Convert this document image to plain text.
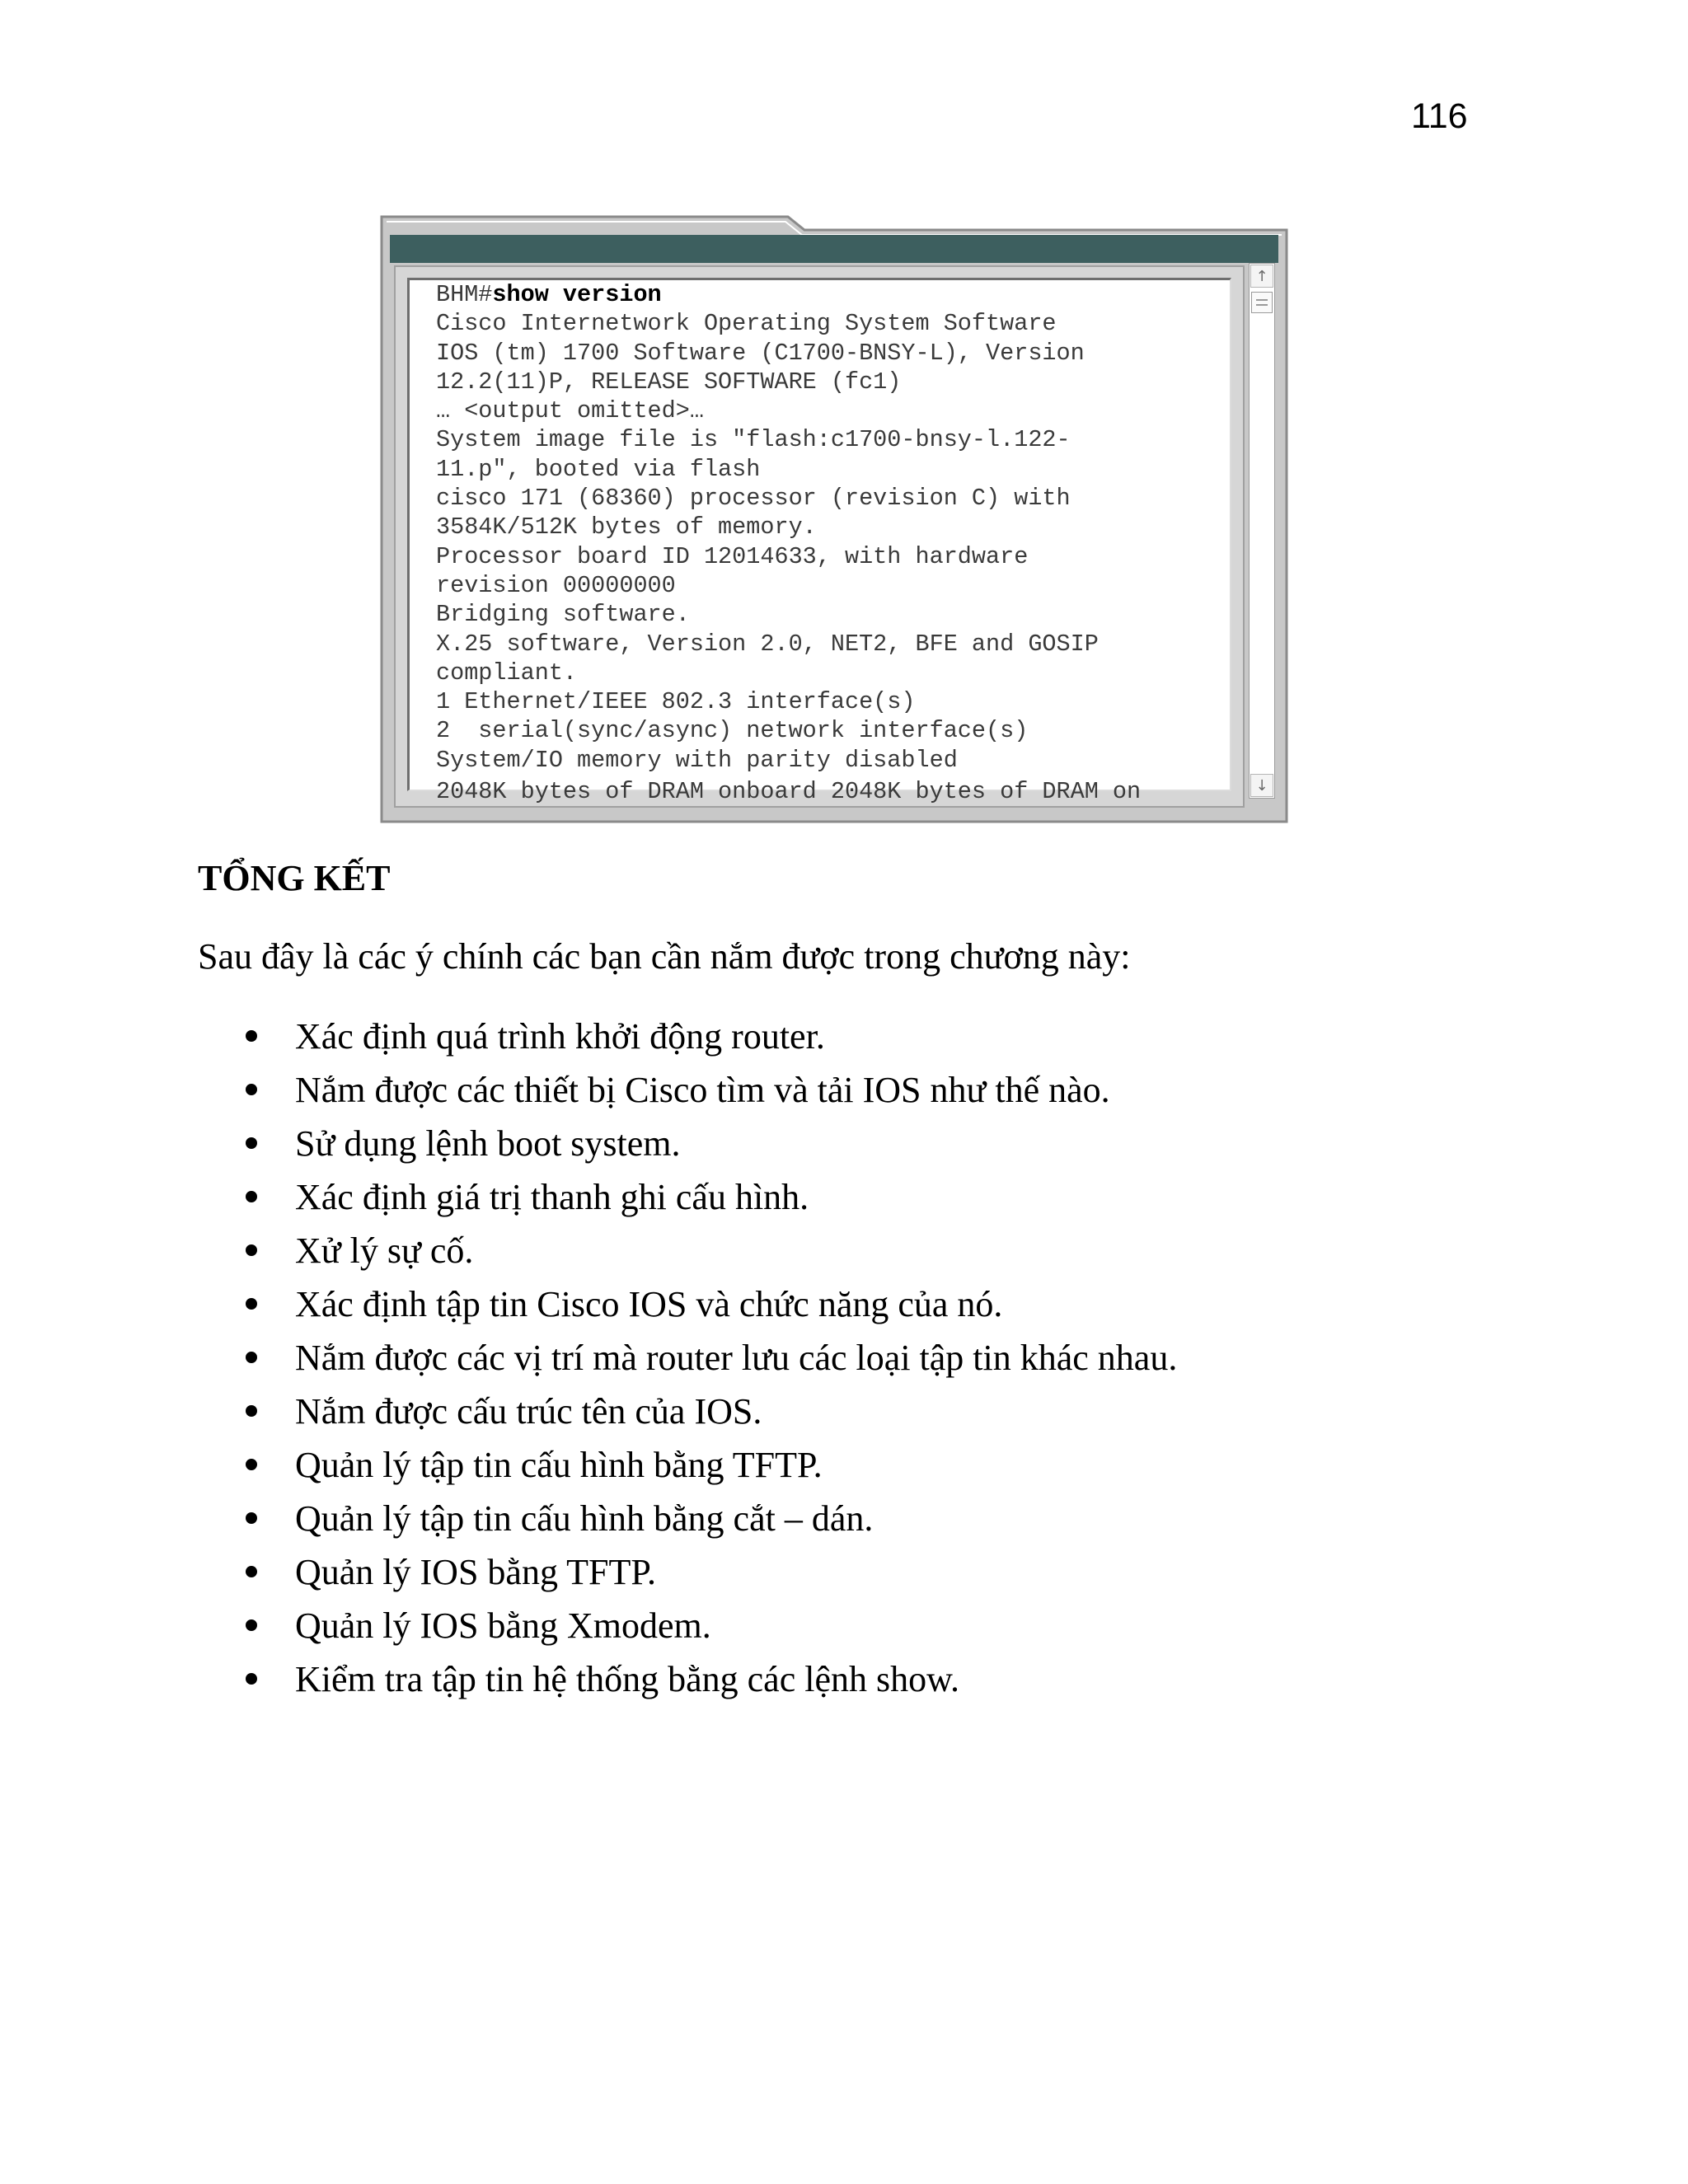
116
BHM#show version
Cisco Internetwork Operating System Software
IOS (tm) 1700 Software (C1700-BNSY-L), Version
12.2(11)P, RELEASE SOFTWARE (fc1)
… <output omitted>…
System image file is "flash:c1700-bnsy-l.122-
11.p", booted via flash
cisco 171 (68360) processor (revision C) with
3584K/512K bytes of memory.
Processor board ID 12014633, with hardware
revision 00000000
Bridging software.
X.25 software, Version 2.0, NET2, BFE and GOSIP
compliant.
1 Ethernet/IEEE 802.3 interface(s)
2  serial(sync/async) network interface(s)
System/IO memory with parity disabled
2048K bytes of DRAM onboard 2048K bytes of DRAM on
↑
↓
TỔNG KẾT

Sau đây là các ý chính các bạn cần nắm được trong chương này:

Xác định quá trình khởi động router.
Nắm được các thiết bị Cisco tìm và tải IOS như thế nào.
Sử dụng lệnh boot system.
Xác định giá trị thanh ghi cấu hình.
Xử lý sự cố.
Xác định tập tin Cisco IOS và chức năng của nó.
Nắm được các vị trí mà router lưu các loại tập tin khác nhau.
Nắm được cấu trúc tên của IOS.
Quản lý tập tin cấu hình bằng TFTP.
Quản lý tập tin cấu hình bằng cắt – dán.
Quản lý IOS bằng TFTP.
Quản lý IOS bằng Xmodem.
Kiểm tra tập tin hệ thống bằng các lệnh show.
